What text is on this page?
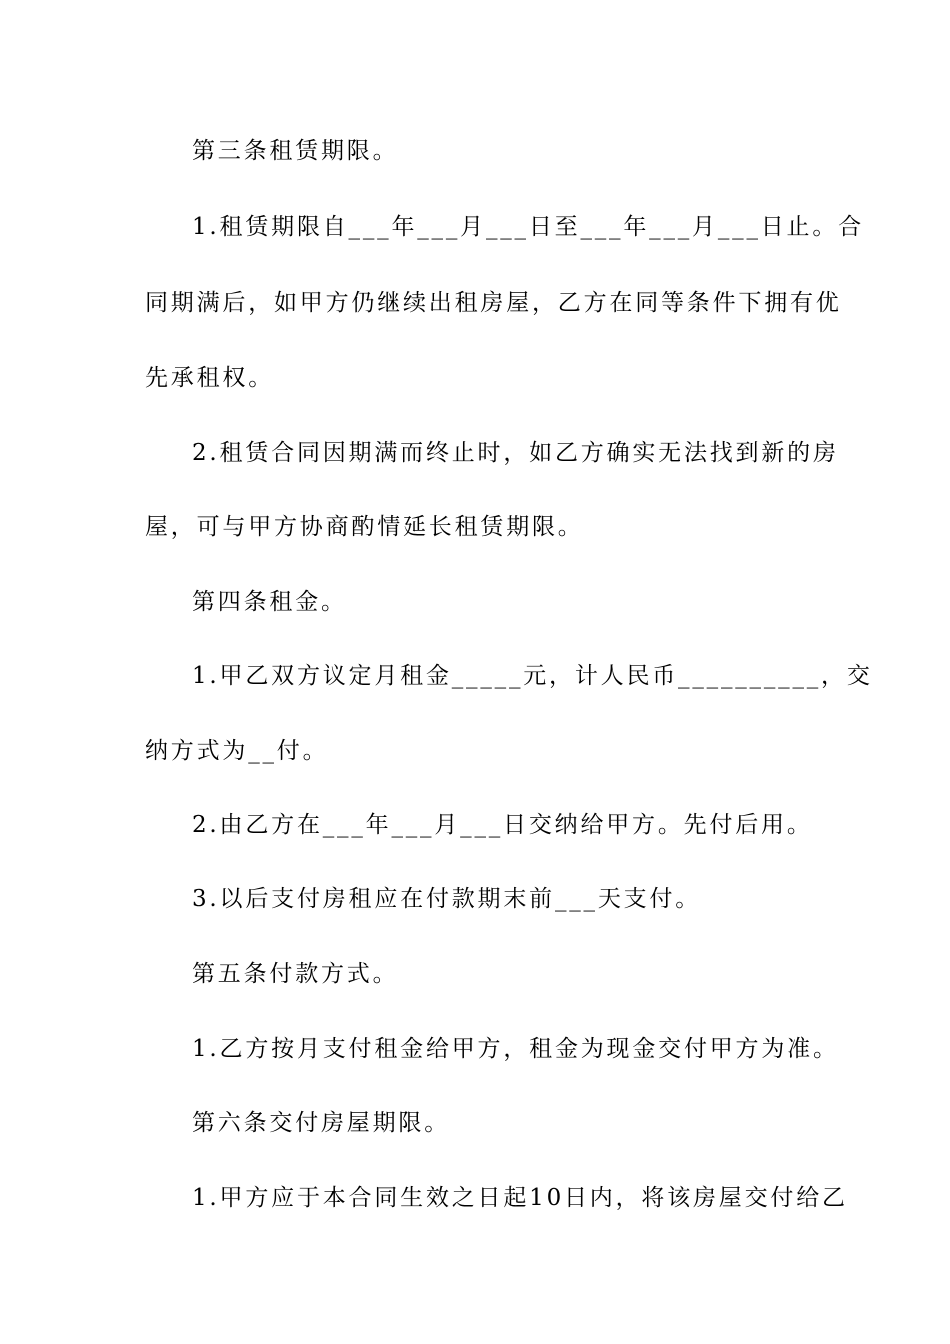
第三条租赁期限。
1.租赁期限自___年___月___日至___年___月___日止。合
同期满后，如甲方仍继续出租房屋，乙方在同等条件下拥有优
先承租权。
2.租赁合同因期满而终止时，如乙方确实无法找到新的房
屋，可与甲方协商酌情延长租赁期限。
第四条租金。
1.甲乙双方议定月租金_____元，计人民币__________，交
纳方式为__付。
2.由乙方在___年___月___日交纳给甲方。先付后用。
3.以后支付房租应在付款期末前___天支付。
第五条付款方式。
1.乙方按月支付租金给甲方，租金为现金交付甲方为准。
第六条交付房屋期限。
1.甲方应于本合同生效之日起10日内，将该房屋交付给乙
